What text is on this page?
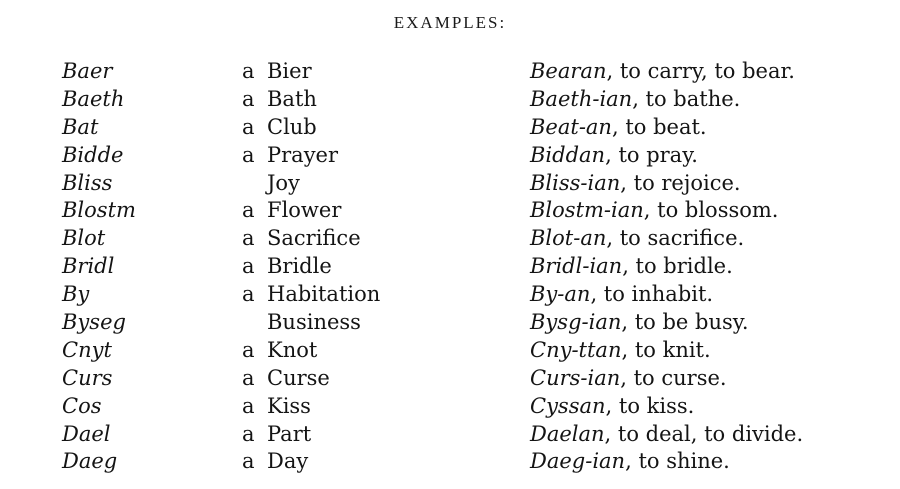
EXAMPLES:
Baer	a Bier	Bearan, to carry, to bear.
Baeth	a Bath	Baeth-ian, to bathe.
Bat	a Club	Beat-an, to beat.
Bidde	a Prayer	Biddan, to pray.
Bliss	Joy	Bliss-ian, to rejoice.
Blostm	a Flower	Blostm-ian, to blossom.
Blot	a Sacrifice	Blot-an, to sacrifice.
Bridl	a Bridle	Bridl-ian, to bridle.
By	a Habitation	By-an, to inhabit.
Byseg	Business	Bysg-ian, to be busy.
Cnyt	a Knot	Cny-ttan, to knit.
Curs	a Curse	Curs-ian, to curse.
Cos	a Kiss	Cyssan, to kiss.
Dael	a Part	Daelan, to deal, to divide.
Daeg	a Day	Daeg-ian, to shine.
